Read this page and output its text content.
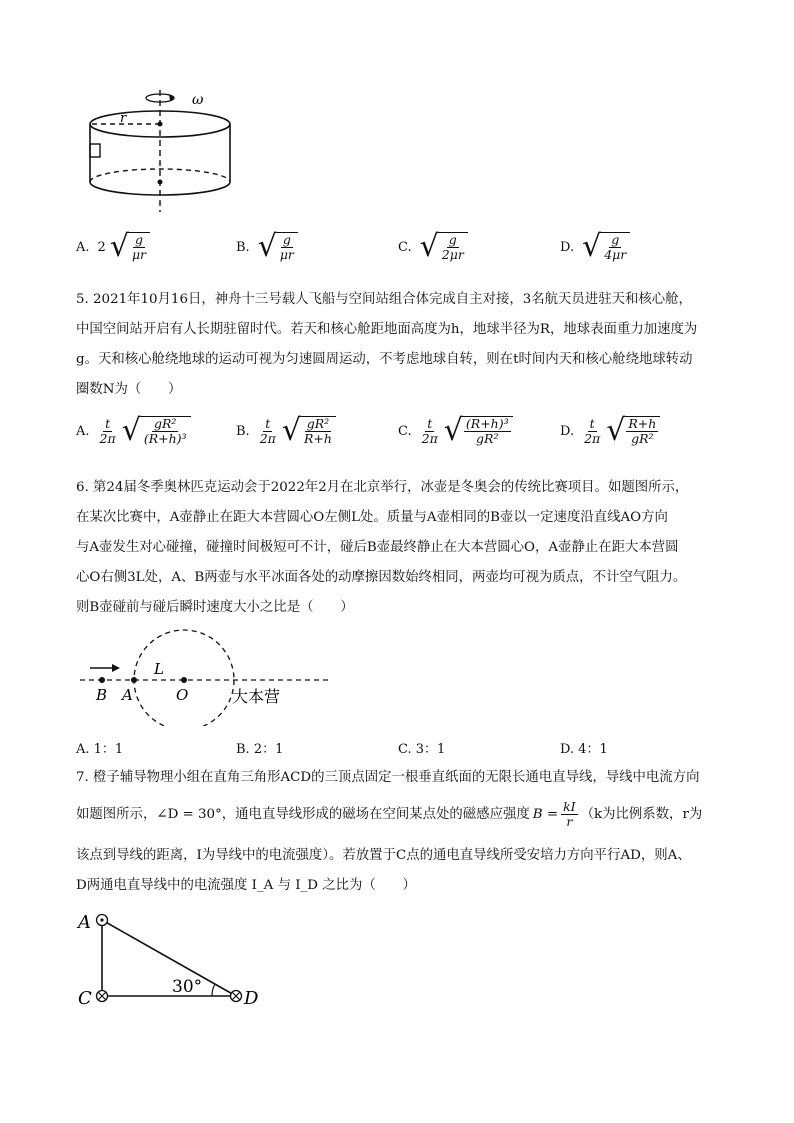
ω
r
A. 2 √ $\frac{g}{\mu r}$	B. √ $\frac{g}{\mu r}$	C. √ $\frac{g}{2\mu r}$	D. √ $\frac{g}{4\mu r}$
5. 2021年10月16日，神舟十三号载人飞船与空间站组合体完成自主对接，3名航天员进驻天和核心舱，
中国空间站开启有人长期驻留时代。若天和核心舱距地面高度为h，地球半径为R，地球表面重力加速度为
g。天和核心舱绕地球的运动可视为匀速圆周运动，不考虑地球自转，则在t时间内天和核心舱绕地球转动
圈数N为（　　）
A. $\frac{t}{2\pi}$ √ $\frac{\text{gR²}}{\text{(R+h)³}}$	B. $\frac{t}{2\pi}$ √ $\frac{\text{gR²}}{R+h}$	C. $\frac{t}{2\pi}$ √ $\frac{\text{(R+h)³}}{\text{gR²}}$	D. $\frac{t}{2\pi}$ √ $\frac{R+h}{\text{gR²}}$
6. 第24届冬季奥林匹克运动会于2022年2月在北京举行，冰壶是冬奥会的传统比赛项目。如题图所示，
在某次比赛中，A壶静止在距大本营圆心O左侧L处。质量与A壶相同的B壶以一定速度沿直线AO方向
与A壶发生对心碰撞，碰撞时间极短可不计，碰后B壶最终静止在大本营圆心O，A壶静止在距大本营圆
心O右侧3L处，A、B两壶与水平冰面各处的动摩擦因数始终相同，两壶均可视为质点，不计空气阻力。
则B壶碰前与碰后瞬时速度大小之比是（　　）
B A	O
L
大本营
A. 1：1	B. 2：1	C. 3：1	D. 4：1
7. 橙子辅导物理小组在直角三角形ACD的三顶点固定一根垂直纸面的无限长通电直导线，导线中电流方向
如题图所示，∠D = 30°，通电直导线形成的磁场在空间某点处的磁感应强度 $B = \frac{kI}{r} (k$为比例系数，r为
该点到导线的距离，I为导线中的电流强度）。若放置于C点的通电直导线所受安培力方向平行AD，则A、
D两通电直导线中的电流强度 I_A 与 I_D 之比为（　　）
A
C	D
30°
